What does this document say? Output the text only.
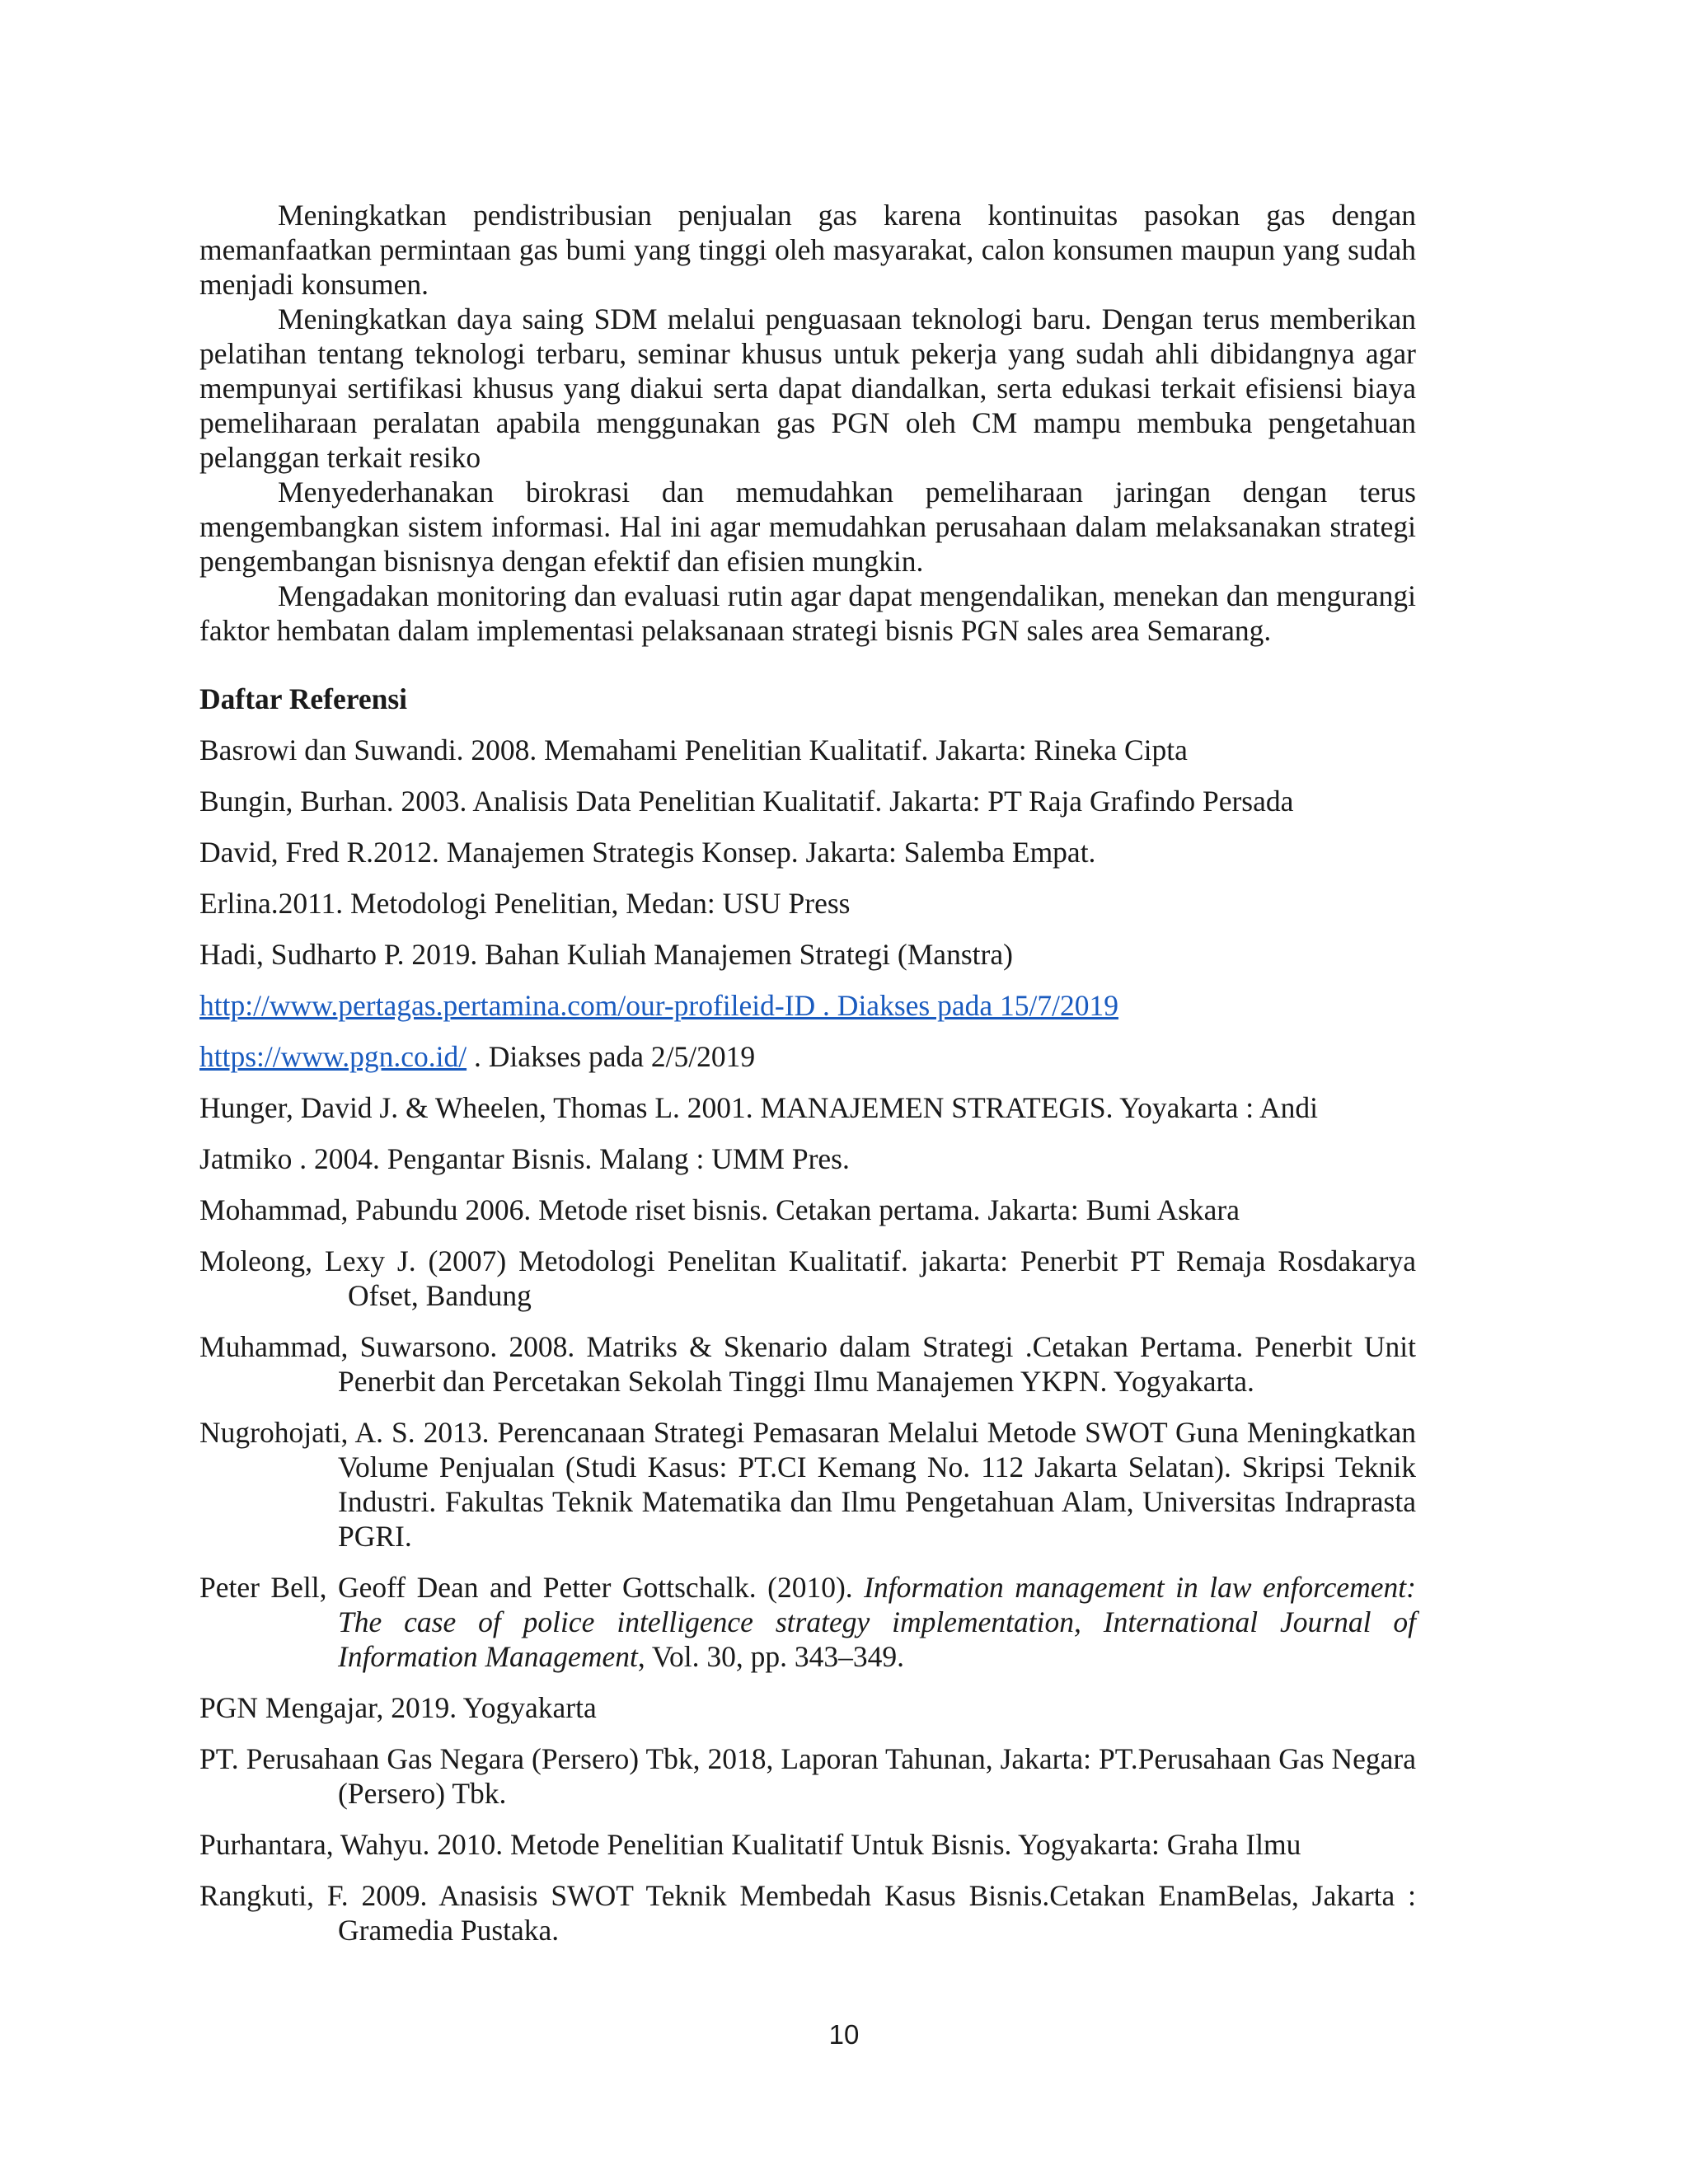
Meningkatkan pendistribusian penjualan gas karena kontinuitas pasokan gas dengan memanfaatkan permintaan gas bumi yang tinggi oleh masyarakat, calon konsumen maupun yang sudah menjadi konsumen.

Meningkatkan daya saing SDM melalui penguasaan teknologi baru. Dengan terus memberikan pelatihan tentang teknologi terbaru, seminar khusus untuk pekerja yang sudah ahli dibidangnya agar mempunyai sertifikasi khusus yang diakui serta dapat diandalkan, serta edukasi terkait efisiensi biaya pemeliharaan peralatan apabila menggunakan gas PGN oleh CM mampu membuka pengetahuan pelanggan terkait resiko

Menyederhanakan birokrasi dan memudahkan pemeliharaan jaringan dengan terus mengembangkan sistem informasi. Hal ini agar memudahkan perusahaan dalam melaksanakan strategi pengembangan bisnisnya dengan efektif dan efisien mungkin.

Mengadakan monitoring dan evaluasi rutin agar dapat mengendalikan, menekan dan mengurangi faktor hembatan dalam implementasi pelaksanaan strategi bisnis PGN sales area Semarang.

Daftar Referensi

Basrowi dan Suwandi. 2008. Memahami Penelitian Kualitatif. Jakarta: Rineka Cipta

Bungin, Burhan. 2003. Analisis Data Penelitian Kualitatif. Jakarta: PT Raja Grafindo Persada

David, Fred R.2012. Manajemen Strategis Konsep. Jakarta: Salemba Empat.

Erlina.2011. Metodologi Penelitian, Medan: USU Press

Hadi, Sudharto P. 2019. Bahan Kuliah Manajemen Strategi (Manstra)

http://www.pertagas.pertamina.com/our-profileid-ID . Diakses pada 15/7/2019

https://www.pgn.co.id/ . Diakses pada 2/5/2019

Hunger, David J. & Wheelen, Thomas L. 2001. MANAJEMEN STRATEGIS. Yoyakarta : Andi

Jatmiko . 2004. Pengantar Bisnis. Malang : UMM Pres.

Mohammad, Pabundu 2006. Metode riset bisnis. Cetakan pertama. Jakarta: Bumi Askara

Moleong, Lexy J. (2007) Metodologi Penelitan Kualitatif. jakarta: Penerbit PT Remaja Rosdakarya Ofset, Bandung

Muhammad, Suwarsono. 2008. Matriks & Skenario dalam Strategi .Cetakan Pertama. Penerbit Unit Penerbit dan Percetakan Sekolah Tinggi Ilmu Manajemen YKPN. Yogyakarta.

Nugrohojati, A. S. 2013. Perencanaan Strategi Pemasaran Melalui Metode SWOT Guna Meningkatkan Volume Penjualan (Studi Kasus: PT.CI Kemang No. 112 Jakarta Selatan). Skripsi Teknik Industri. Fakultas Teknik Matematika dan Ilmu Pengetahuan Alam, Universitas Indraprasta PGRI.

Peter Bell, Geoff Dean and Petter Gottschalk. (2010). Information management in law enforcement: The case of police intelligence strategy implementation, International Journal of Information Management, Vol. 30, pp. 343–349.

PGN Mengajar, 2019. Yogyakarta

PT. Perusahaan Gas Negara (Persero) Tbk, 2018, Laporan Tahunan, Jakarta: PT.Perusahaan Gas Negara (Persero) Tbk.

Purhantara, Wahyu. 2010. Metode Penelitian Kualitatif Untuk Bisnis. Yogyakarta: Graha Ilmu

Rangkuti, F. 2009. Anasisis SWOT Teknik Membedah Kasus Bisnis.Cetakan EnamBelas, Jakarta : Gramedia Pustaka.

10
